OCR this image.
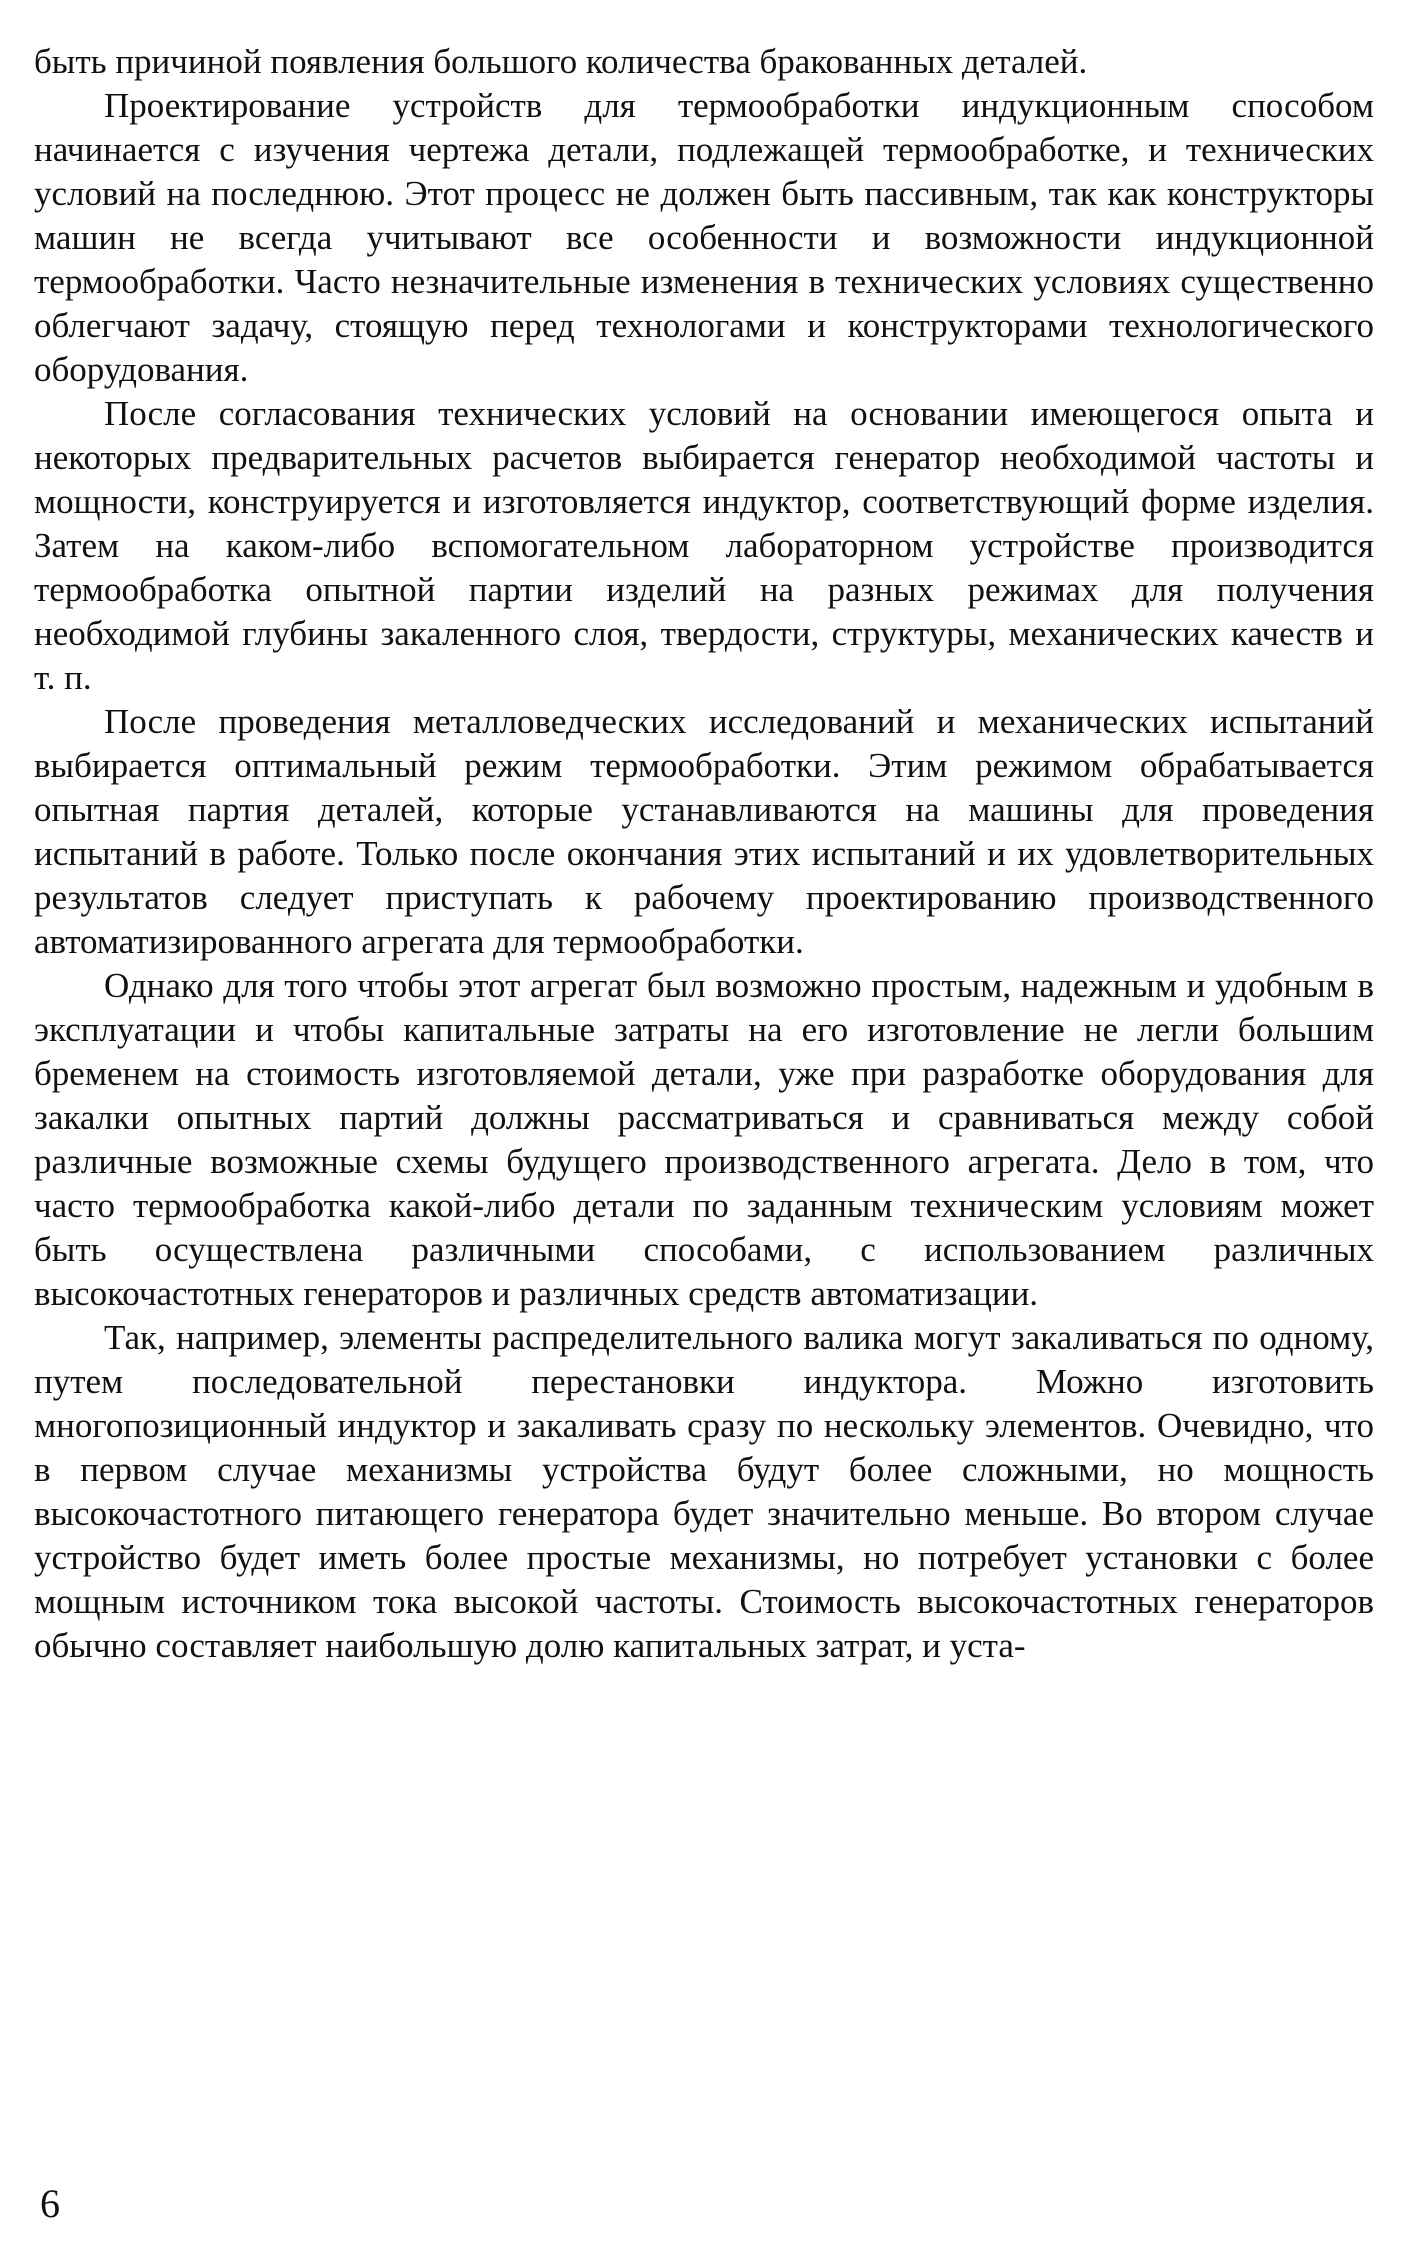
быть причиной появления большого количества бракованных деталей.

Проектирование устройств для термообработки индукционным способом начинается с изучения чертежа детали, подлежащей термообработке, и технических условий на последнюю. Этот процесс не должен быть пассивным, так как конструкторы машин не всегда учитывают все особенности и возможности индукционной термообработки. Часто незначительные изменения в технических условиях существенно облегчают задачу, стоящую перед технологами и конструкторами технологического оборудования.

После согласования технических условий на основании имеющегося опыта и некоторых предварительных расчетов выбирается генератор необходимой частоты и мощности, конструируется и изготовляется индуктор, соответствующий форме изделия. Затем на каком-либо вспомогательном лабораторном устройстве производится термообработка опытной партии изделий на разных режимах для получения необходимой глубины закаленного слоя, твердости, структуры, механических качеств и т. п.

После проведения металловедческих исследований и механических испытаний выбирается оптимальный режим термообработки. Этим режимом обрабатывается опытная партия деталей, которые устанавливаются на машины для проведения испытаний в работе. Только после окончания этих испытаний и их удовлетворительных результатов следует приступать к рабочему проектированию производственного автоматизированного агрегата для термообработки.

Однако для того чтобы этот агрегат был возможно простым, надежным и удобным в эксплуатации и чтобы капитальные затраты на его изготовление не легли большим бременем на стоимость изготовляемой детали, уже при разработке оборудования для закалки опытных партий должны рассматриваться и сравниваться между собой различные возможные схемы будущего производственного агрегата. Дело в том, что часто термообработка какой-либо детали по заданным техническим условиям может быть осуществлена различными способами, с использованием различных высокочастотных генераторов и различных средств автоматизации.

Так, например, элементы распределительного валика могут закаливаться по одному, путем последовательной перестановки индуктора. Можно изготовить многопозиционный индуктор и закаливать сразу по нескольку элементов. Очевидно, что в первом случае механизмы устройства будут более сложными, но мощность высокочастотного питающего генератора будет значительно меньше. Во втором случае устройство будет иметь более простые механизмы, но потребует установки с более мощным источником тока высокой частоты. Стоимость высокочастотных генераторов обычно составляет наибольшую долю капитальных затрат, и уста-

6
